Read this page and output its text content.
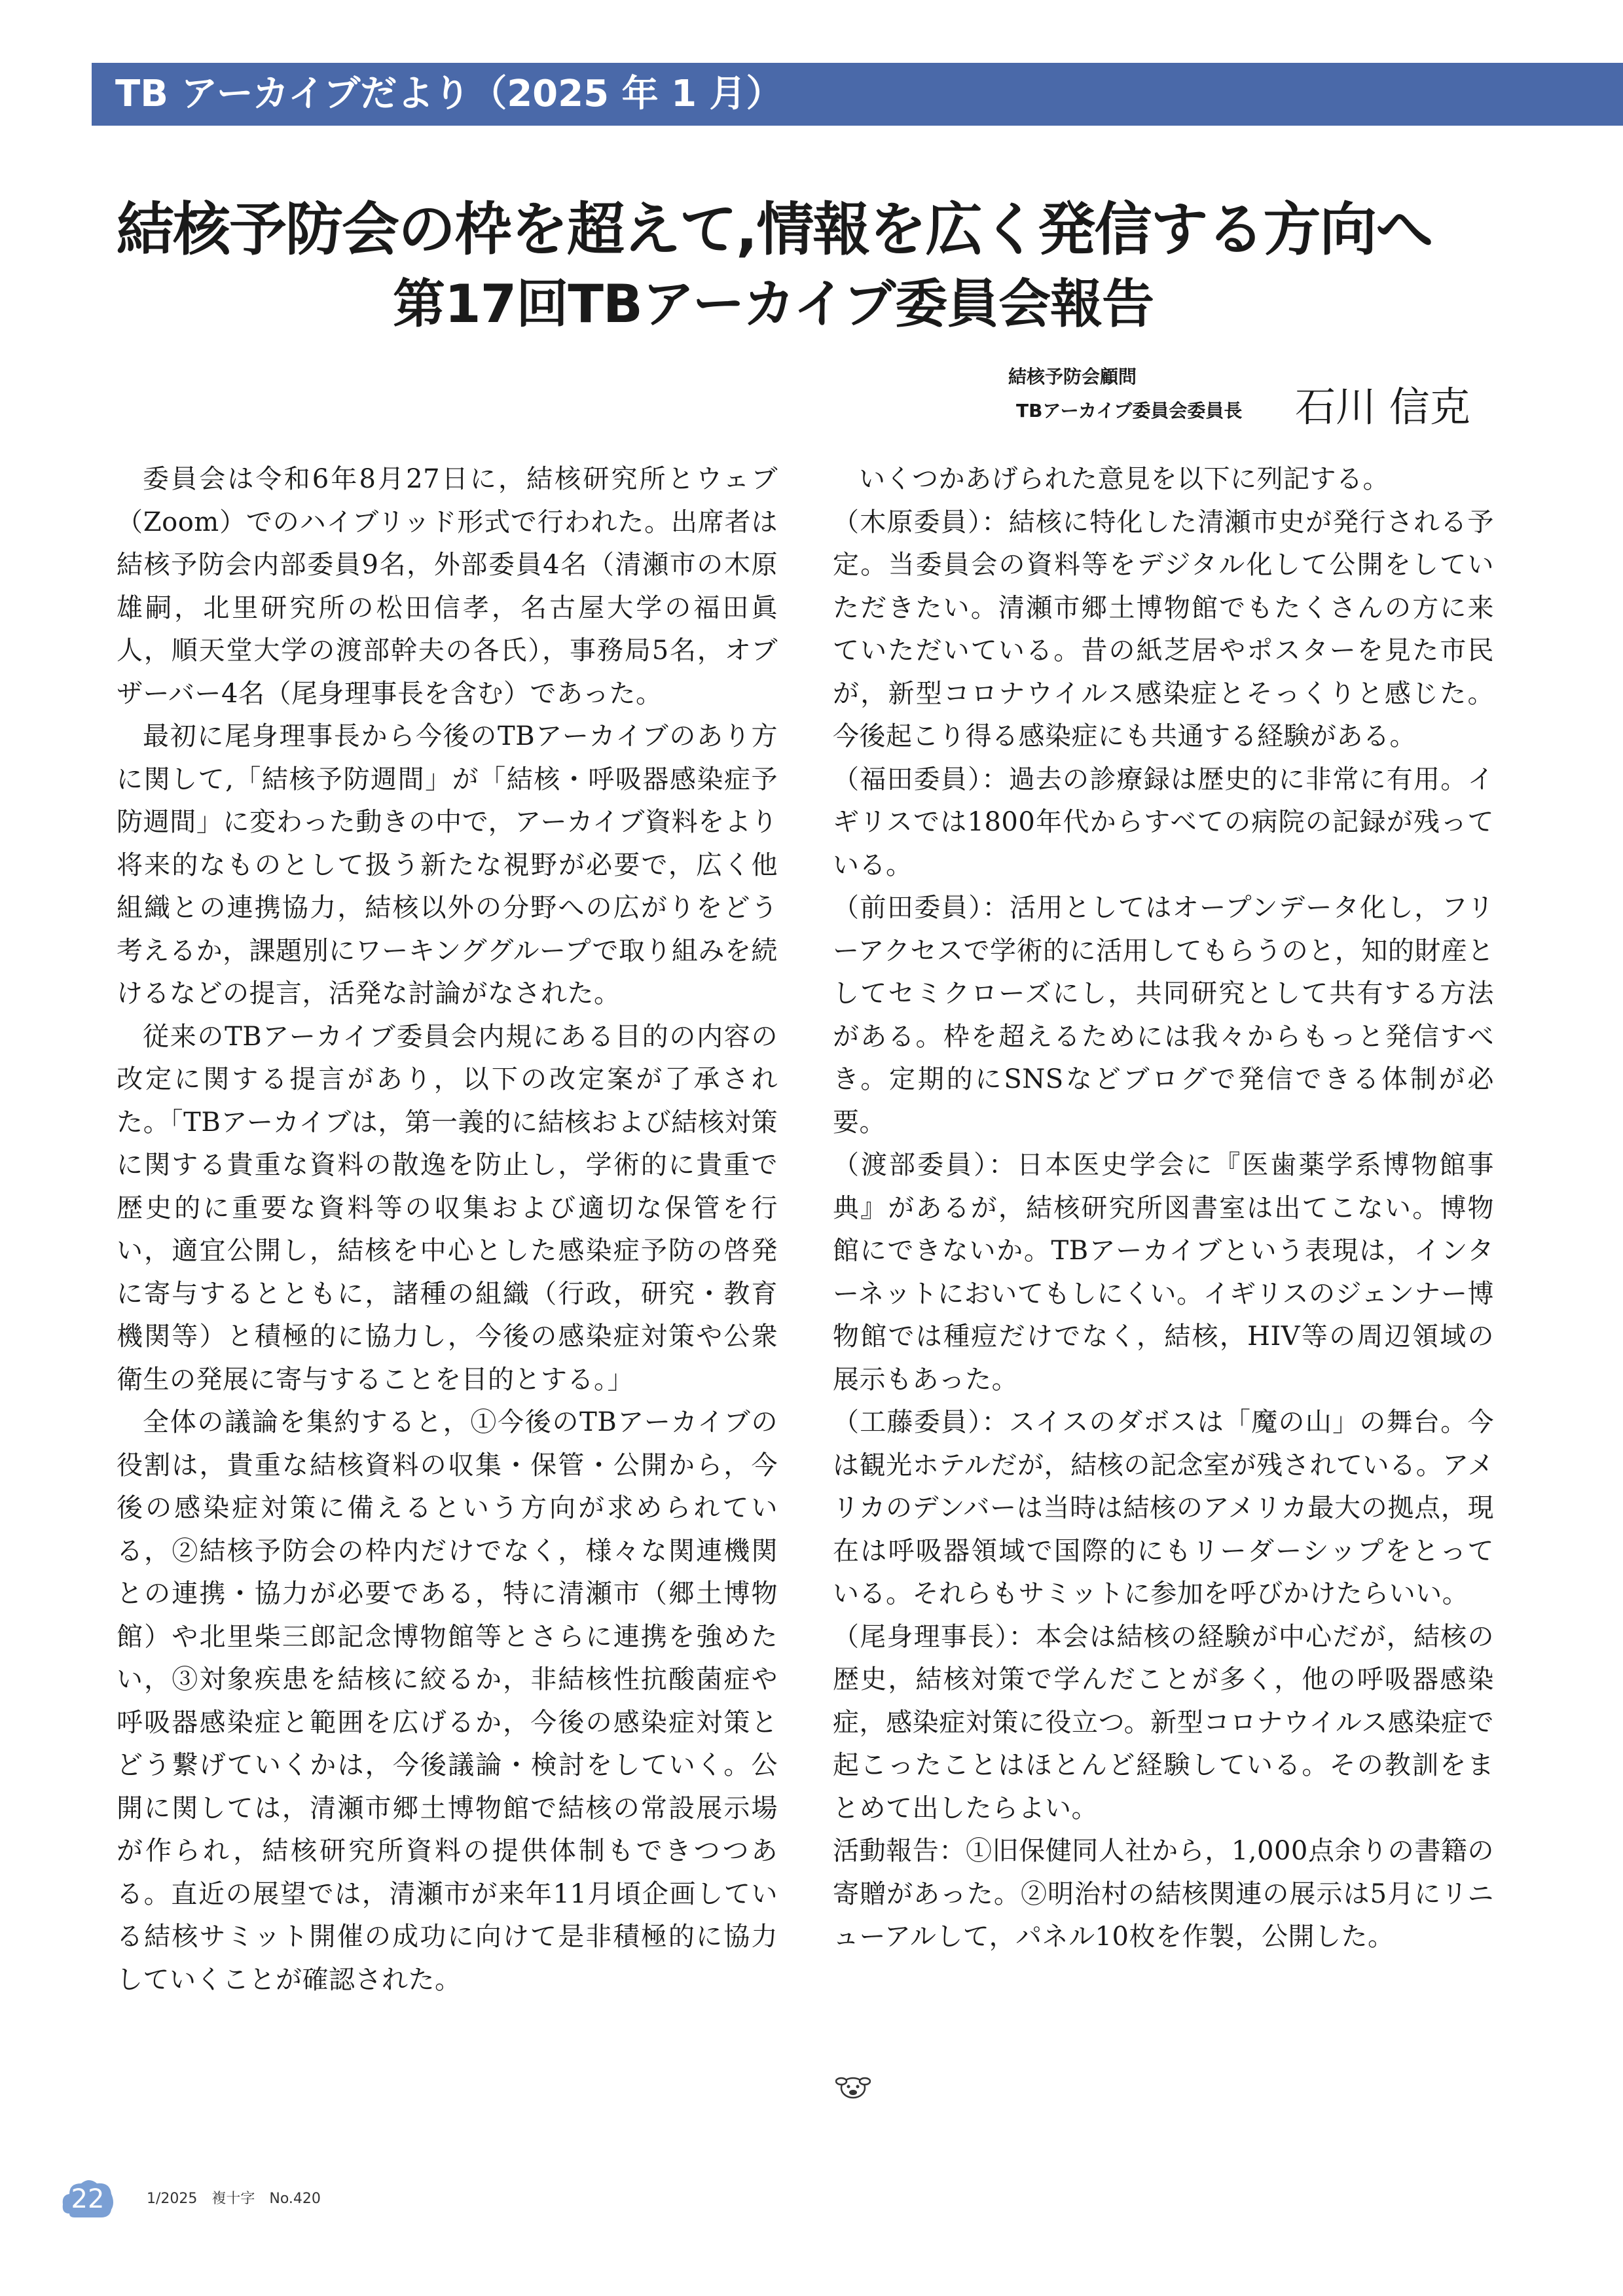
TB アーカイブだより（2025 年 1 月）
結核予防会の枠を超えて,情報を広く発信する方向へ
第17回TBアーカイブ委員会報告
結核予防会顧問
TBアーカイブ委員会委員長 石川 信克

委員会は令和6年8月27日に，結核研究所とウェブ（Zoom）でのハイブリッド形式で行われた。出席者は結核予防会内部委員9名，外部委員4名（清瀬市の木原雄嗣，北里研究所の松田信孝，名古屋大学の福田眞人，順天堂大学の渡部幹夫の各氏），事務局5名，オブザーバー4名（尾身理事長を含む）であった。

最初に尾身理事長から今後のTBアーカイブのあり方に関して,「結核予防週間」が「結核・呼吸器感染症予防週間」に変わった動きの中で，アーカイブ資料をより将来的なものとして扱う新たな視野が必要で，広く他組織との連携協力，結核以外の分野への広がりをどう考えるか，課題別にワーキンググループで取り組みを続けるなどの提言，活発な討論がなされた。

従来のTBアーカイブ委員会内規にある目的の内容の改定に関する提言があり，以下の改定案が了承された。「TBアーカイブは，第一義的に結核および結核対策に関する貴重な資料の散逸を防止し，学術的に貴重で歴史的に重要な資料等の収集および適切な保管を行い，適宜公開し，結核を中心とした感染症予防の啓発に寄与するとともに，諸種の組織（行政，研究・教育機関等）と積極的に協力し，今後の感染症対策や公衆衛生の発展に寄与することを目的とする。」

全体の議論を集約すると，①今後のTBアーカイブの役割は，貴重な結核資料の収集・保管・公開から，今後の感染症対策に備えるという方向が求められている，②結核予防会の枠内だけでなく，様々な関連機関との連携・協力が必要である，特に清瀬市（郷土博物館）や北里柴三郎記念博物館等とさらに連携を強めたい，③対象疾患を結核に絞るか，非結核性抗酸菌症や呼吸器感染症と範囲を広げるか，今後の感染症対策とどう繋げていくかは，今後議論・検討をしていく。公開に関しては，清瀬市郷土博物館で結核の常設展示場が作られ，結核研究所資料の提供体制もできつつある。直近の展望では，清瀬市が来年11月頃企画している結核サミット開催の成功に向けて是非積極的に協力していくことが確認された。

いくつかあげられた意見を以下に列記する。

（木原委員）：結核に特化した清瀬市史が発行される予定。当委員会の資料等をデジタル化して公開をしていただきたい。清瀬市郷土博物館でもたくさんの方に来ていただいている。昔の紙芝居やポスターを見た市民が，新型コロナウイルス感染症とそっくりと感じた。今後起こり得る感染症にも共通する経験がある。

（福田委員）：過去の診療録は歴史的に非常に有用。イギリスでは1800年代からすべての病院の記録が残っている。

（前田委員）：活用としてはオープンデータ化し，フリーアクセスで学術的に活用してもらうのと，知的財産としてセミクローズにし，共同研究として共有する方法がある。枠を超えるためには我々からもっと発信すべき。定期的にSNSなどブログで発信できる体制が必要。

（渡部委員）：日本医史学会に『医歯薬学系博物館事典』があるが，結核研究所図書室は出てこない。博物館にできないか。TBアーカイブという表現は，インターネットにおいてもしにくい。イギリスのジェンナー博物館では種痘だけでなく，結核，HIV等の周辺領域の展示もあった。

（工藤委員）：スイスのダボスは「魔の山」の舞台。今は観光ホテルだが，結核の記念室が残されている。アメリカのデンバーは当時は結核のアメリカ最大の拠点，現在は呼吸器領域で国際的にもリーダーシップをとっている。それらもサミットに参加を呼びかけたらいい。

（尾身理事長）：本会は結核の経験が中心だが，結核の歴史，結核対策で学んだことが多く，他の呼吸器感染症，感染症対策に役立つ。新型コロナウイルス感染症で起こったことはほとんど経験している。その教訓をまとめて出したらよい。

活動報告：①旧保健同人社から，1,000点余りの書籍の寄贈があった。②明治村の結核関連の展示は5月にリニューアルして，パネル10枚を作製，公開した。

22	1/2025　複十字　No.420
